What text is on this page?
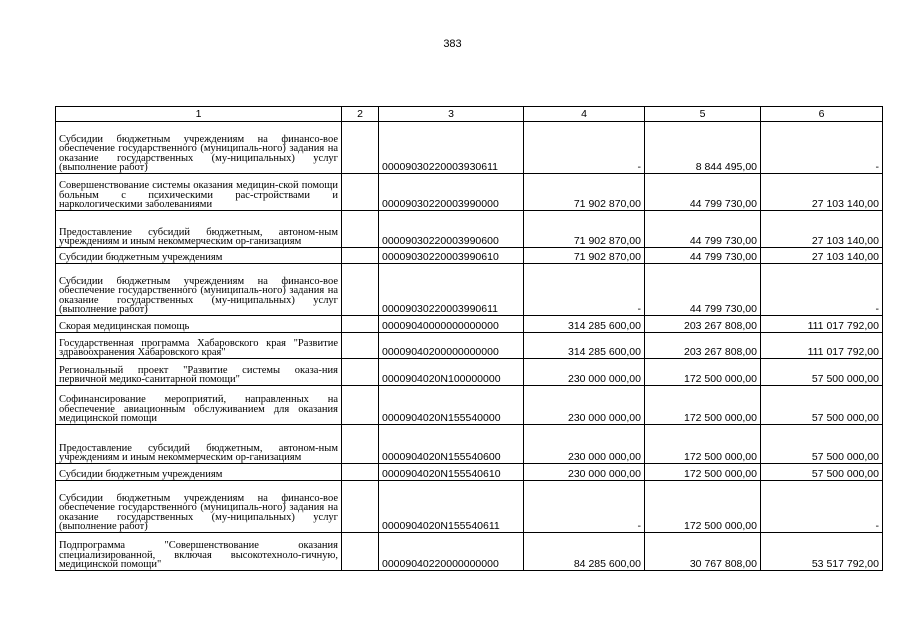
383
1	2	3	4	5	6
Субсидии бюджетным учреждениям на финансо-вое обеспечение государственного (муниципаль-ного) задания на оказание государственных (му-ниципальных) услуг (выполнение работ)		00009030220003930611	-	8 844 495,00	-
Совершенствование системы оказания медицин-ской помощи больным с психическими рас-стройствами и наркологическими заболеваниями		00009030220003990000	71 902 870,00	44 799 730,00	27 103 140,00
Предоставление субсидий бюджетным, автоном-ным учреждениям и иным некоммерческим ор-ганизациям		00009030220003990600	71 902 870,00	44 799 730,00	27 103 140,00
Субсидии бюджетным учреждениям		00009030220003990610	71 902 870,00	44 799 730,00	27 103 140,00
Субсидии бюджетным учреждениям на финансо-вое обеспечение государственного (муниципаль-ного) задания на оказание государственных (му-ниципальных) услуг (выполнение работ)		00009030220003990611	-	44 799 730,00	-
Скорая медицинская помощь		00009040000000000000	314 285 600,00	203 267 808,00	111 017 792,00
Государственная программа Хабаровского края "Развитие здравоохранения Хабаровского края"		00009040200000000000	314 285 600,00	203 267 808,00	111 017 792,00
Региональный проект "Развитие системы оказа-ния первичной медико-санитарной помощи"		0000904020N100000000	230 000 000,00	172 500 000,00	57 500 000,00
Софинансирование мероприятий, направленных на обеспечение авиационным обслуживанием для оказания медицинской помощи		0000904020N155540000	230 000 000,00	172 500 000,00	57 500 000,00
Предоставление субсидий бюджетным, автоном-ным учреждениям и иным некоммерческим ор-ганизациям		0000904020N155540600	230 000 000,00	172 500 000,00	57 500 000,00
Субсидии бюджетным учреждениям		0000904020N155540610	230 000 000,00	172 500 000,00	57 500 000,00
Субсидии бюджетным учреждениям на финансо-вое обеспечение государственного (муниципаль-ного) задания на оказание государственных (му-ниципальных) услуг (выполнение работ)		0000904020N155540611	-	172 500 000,00	-
Подпрограмма "Совершенствование оказания специализированной, включая высокотехноло-гичную, медицинской помощи"		00009040220000000000	84 285 600,00	30 767 808,00	53 517 792,00
